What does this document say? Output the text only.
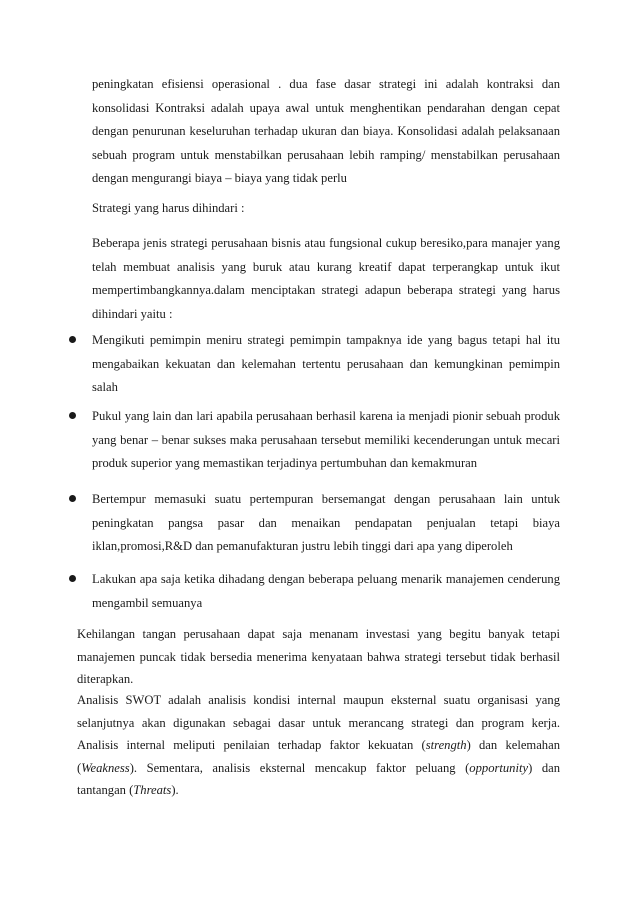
peningkatan efisiensi operasional . dua fase dasar strategi ini adalah kontraksi dan konsolidasi Kontraksi adalah upaya awal untuk menghentikan pendarahan dengan cepat dengan penurunan keseluruhan terhadap ukuran dan biaya. Konsolidasi adalah pelaksanaan sebuah program untuk menstabilkan perusahaan lebih ramping/ menstabilkan perusahaan dengan mengurangi biaya – biaya yang tidak perlu

Strategi yang harus dihindari :

Beberapa jenis strategi perusahaan bisnis atau fungsional cukup beresiko,para manajer yang telah membuat analisis yang buruk atau kurang kreatif dapat terperangkap untuk ikut mempertimbangkannya.dalam menciptakan strategi adapun beberapa strategi yang harus dihindari yaitu :

Mengikuti pemimpin meniru strategi pemimpin tampaknya ide yang bagus tetapi hal itu mengabaikan kekuatan dan kelemahan tertentu perusahaan dan kemungkinan pemimpin salah

Pukul yang lain dan lari apabila perusahaan berhasil karena ia menjadi pionir sebuah produk yang benar – benar sukses maka perusahaan tersebut memiliki kecenderungan untuk mecari produk superior yang memastikan terjadinya pertumbuhan dan kemakmuran

Bertempur memasuki suatu pertempuran bersemangat dengan perusahaan lain untuk peningkatan pangsa pasar dan menaikan pendapatan penjualan tetapi biaya iklan,promosi,R&D dan pemanufakturan justru lebih tinggi dari apa yang diperoleh

Lakukan apa saja ketika dihadang dengan beberapa peluang menarik manajemen cenderung mengambil semuanya

Kehilangan tangan perusahaan dapat saja menanam investasi yang begitu banyak tetapi manajemen puncak tidak bersedia menerima kenyataan bahwa strategi tersebut tidak berhasil diterapkan.

Analisis SWOT adalah analisis kondisi internal maupun eksternal suatu organisasi yang selanjutnya akan digunakan sebagai dasar untuk merancang strategi dan program kerja. Analisis internal meliputi penilaian terhadap faktor kekuatan (strength) dan kelemahan (Weakness). Sementara, analisis eksternal mencakup faktor peluang (opportunity) dan tantangan (Threats).
